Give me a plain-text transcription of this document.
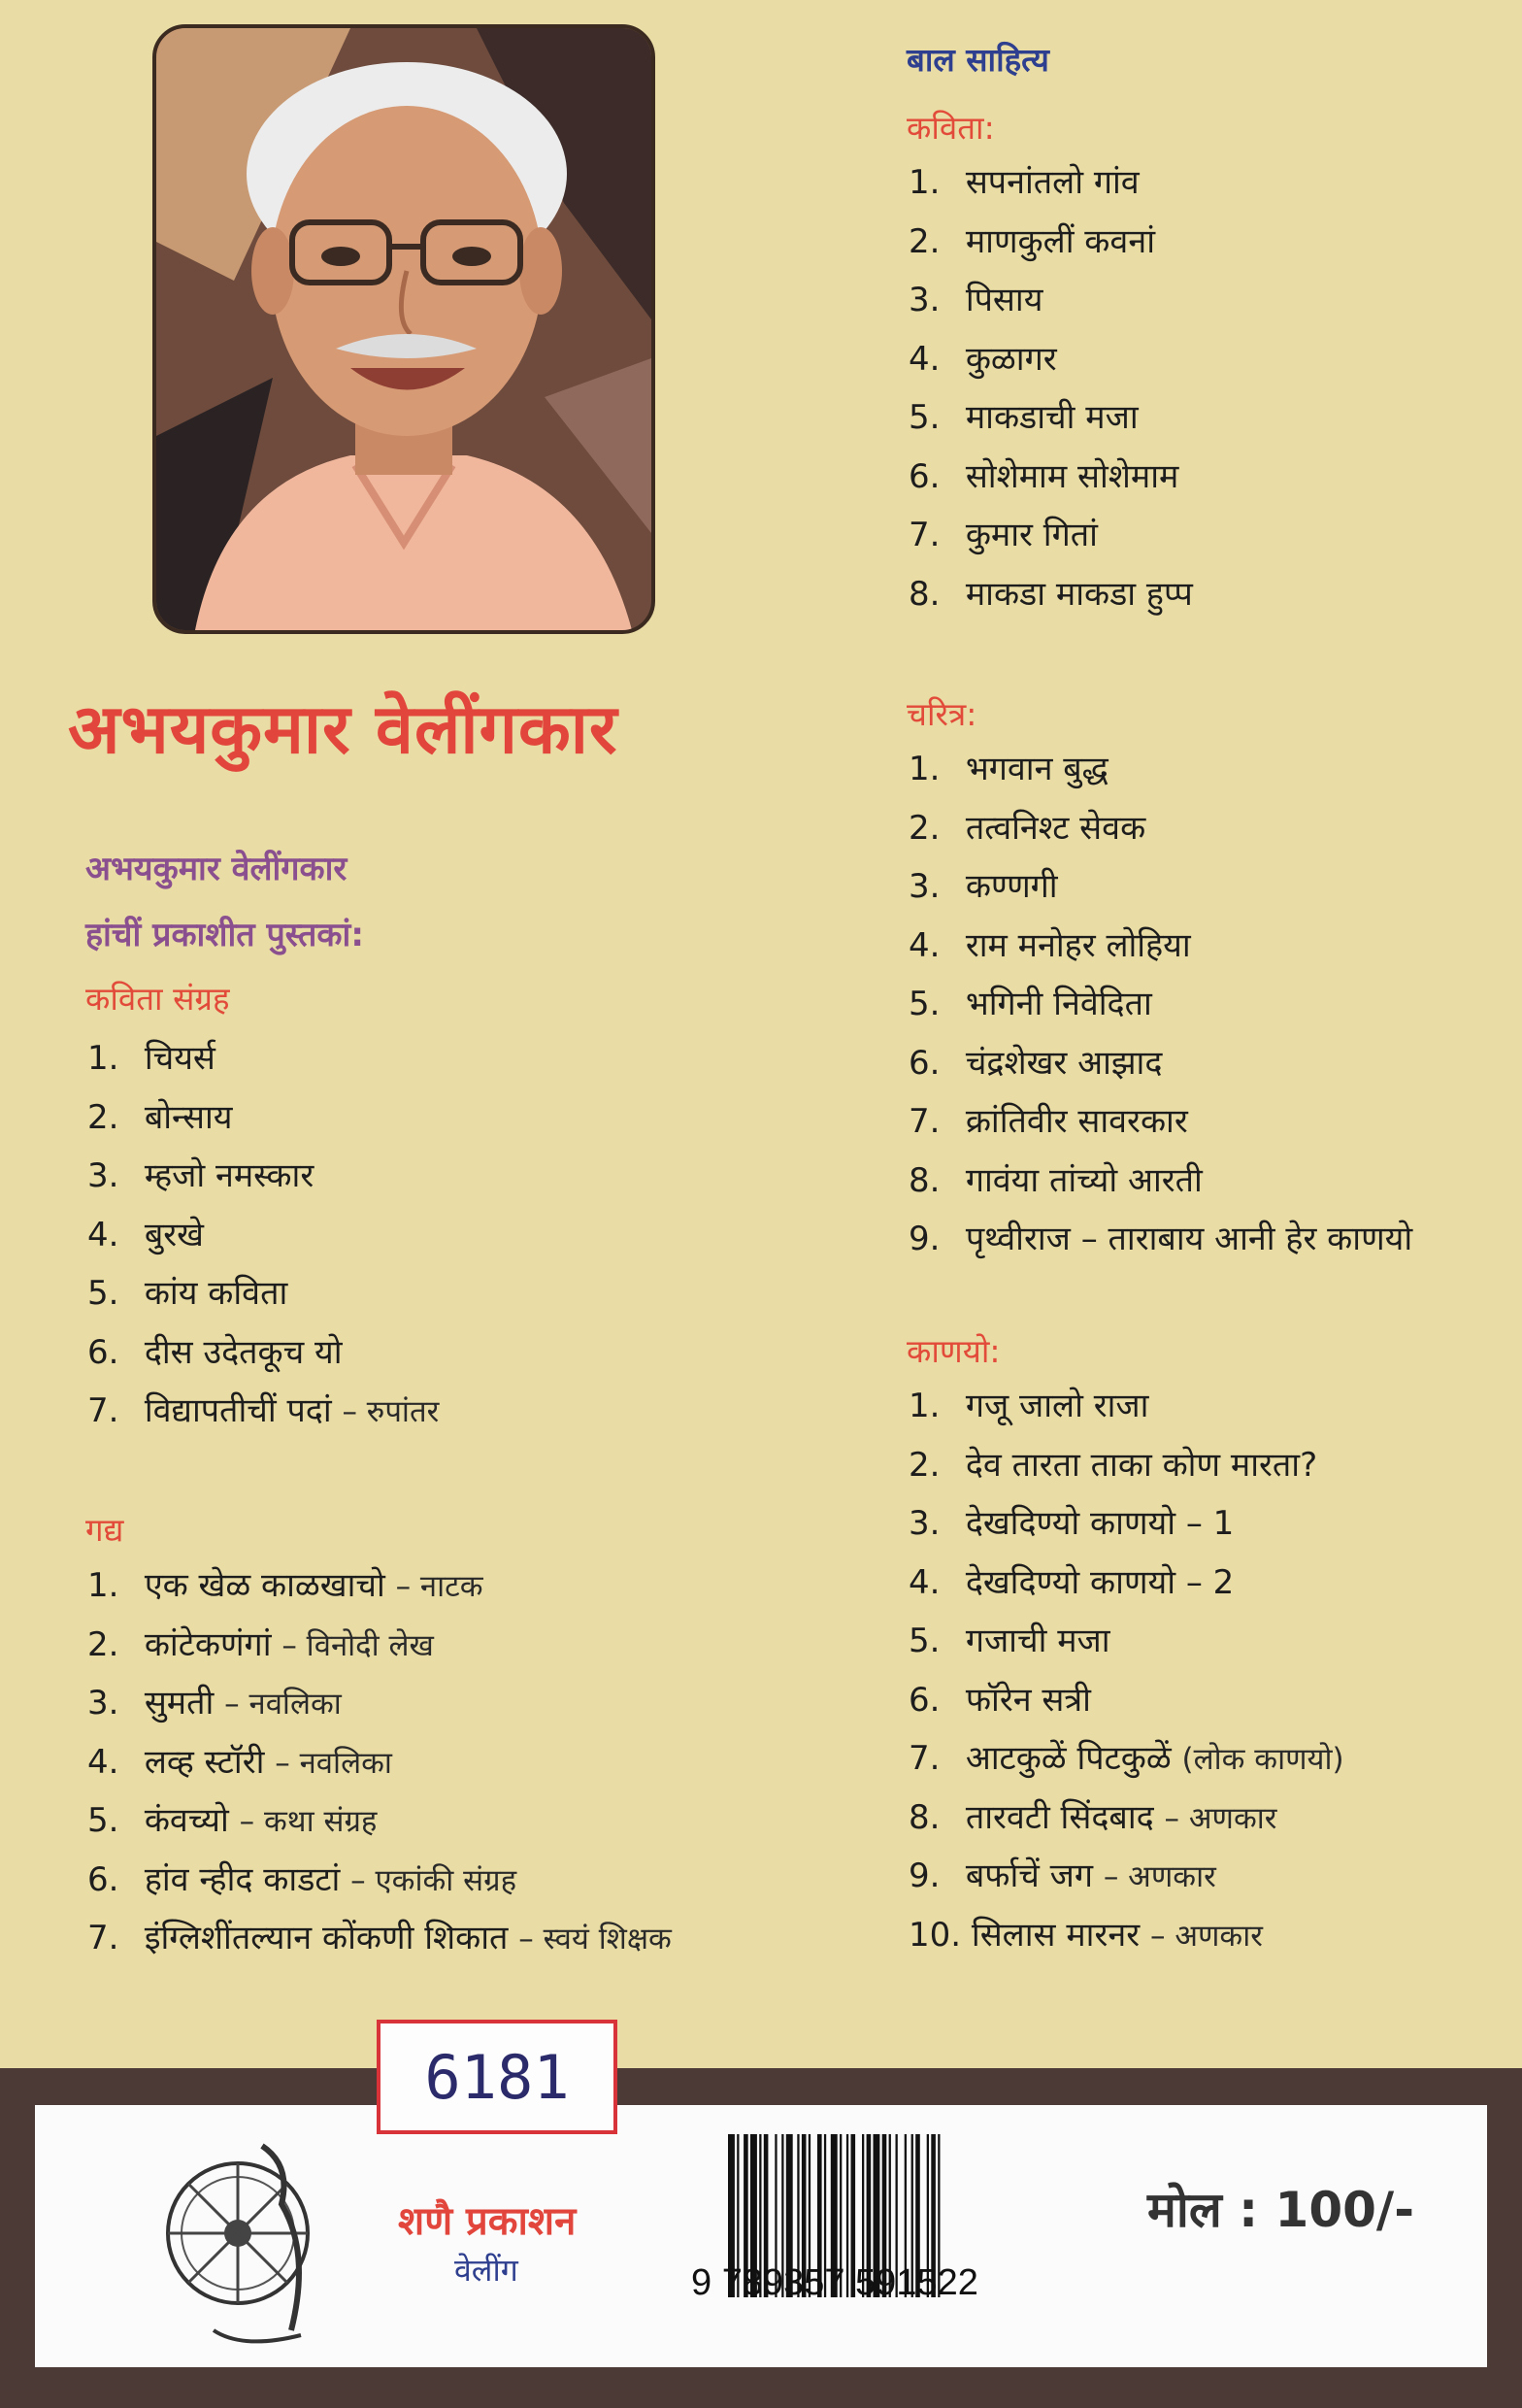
अभयकुमार वेलींगकार

अभयकुमार वेलींगकार

हांचीं प्रकाशीत पुस्तकां:

कविता संग्रह

1. चियर्स
2. बोन्साय
3. म्हजो नमस्कार
4. बुरखे
5. कांय कविता
6. दीस उदेतकूच यो
7. विद्यापतीचीं पदां – रुपांतर

गद्य

1. एक खेळ काळखाचो – नाटक
2. कांटेकणंगां – विनोदी लेख
3. सुमती – नवलिका
4. लव्ह स्टॉरी – नवलिका
5. कंवच्यो – कथा संग्रह
6. हांव न्हीद काडटां – एकांकी संग्रह
7. इंग्लिशींतल्यान कोंकणी शिकात – स्वयं शिक्षक

बाल साहित्य

कविता:

1. सपनांतलो गांव
2. माणकुलीं कवनां
3. पिसाय
4. कुळागर
5. माकडाची मजा
6. सोशेमाम सोशेमाम
7. कुमार गितां
8. माकडा माकडा हुप्प

चरित्र:

1. भगवान बुद्ध
2. तत्वनिश्ट सेवक
3. कण्णगी
4. राम मनोहर लोहिया
5. भगिनी निवेदिता
6. चंद्रशेखर आझाद
7. क्रांतिवीर सावरकार
8. गावंया तांच्यो आरती
9. पृथ्वीराज – ताराबाय आनी हेर काणयो

काणयो:

1. गजू जालो राजा
2. देव तारता ताका कोण मारता?
3. देखदिण्यो काणयो – 1
4. देखदिण्यो काणयो – 2
5. गजाची मजा
6. फॉरेन सत्री
7. आटकुळें पिटकुळें (लोक काणयो)
8. तारवटी सिंदबाद – अणकार
9. बर्फाचें जग – अणकार
10. सिलास मारनर – अणकार
6181

शणै प्रकाशन

वेलींग	9 789357 591522

मोल : 100/-
